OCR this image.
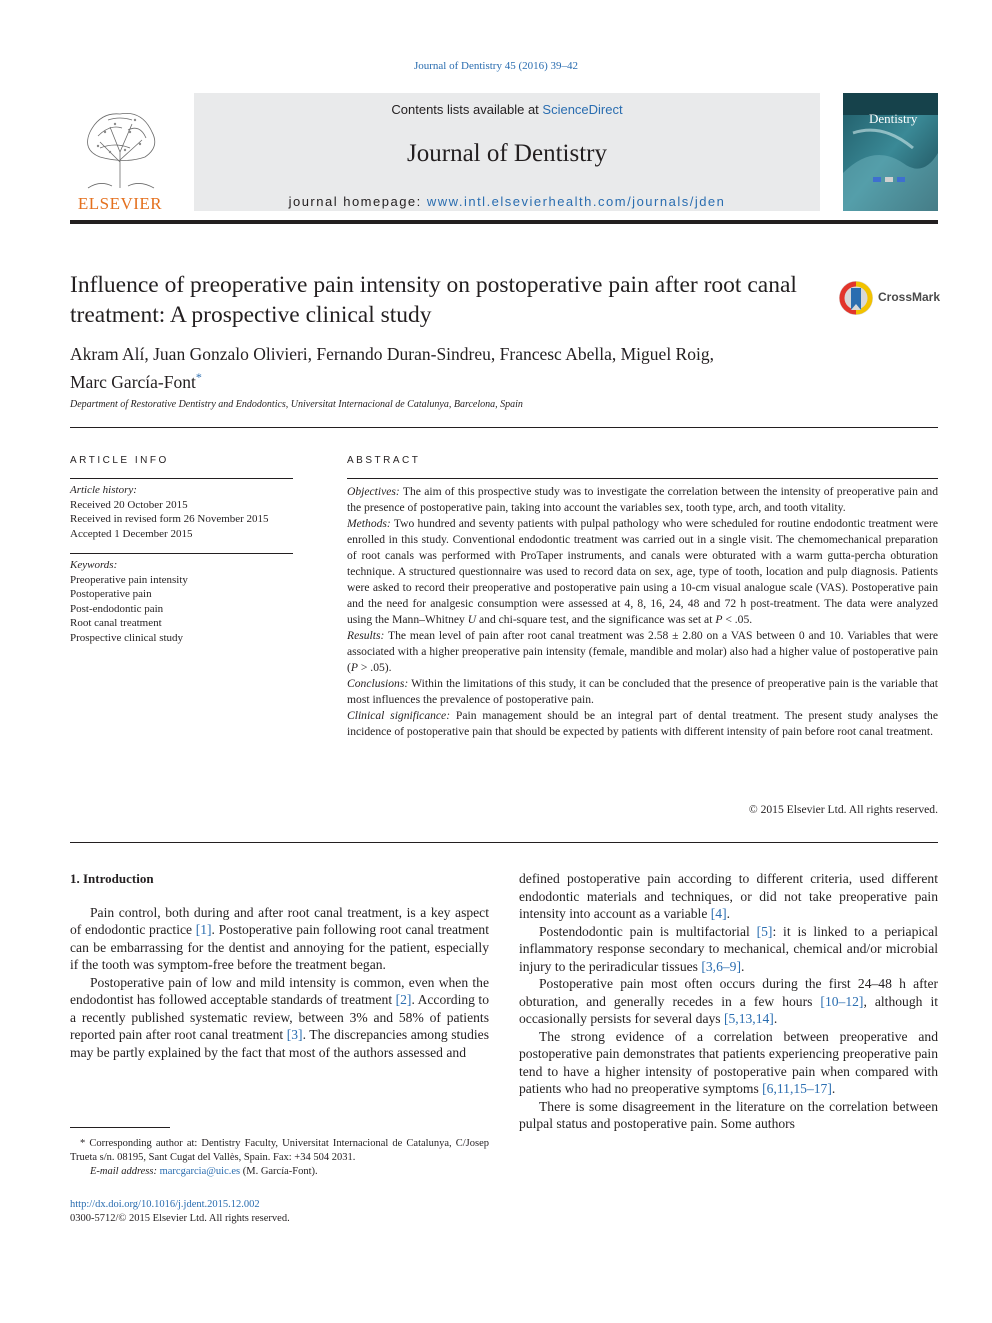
Journal of Dentistry 45 (2016) 39–42
ELSEVIER
Contents lists available at ScienceDirect
Journal of Dentistry
journal homepage: www.intl.elsevierhealth.com/journals/jden
Dentistry
Influence of preoperative pain intensity on postoperative pain after root canal treatment: A prospective clinical study
CrossMark
Akram Alí, Juan Gonzalo Olivieri, Fernando Duran-Sindreu, Francesc Abella, Miguel Roig,
Marc García-Font*
Department of Restorative Dentistry and Endodontics, Universitat Internacional de Catalunya, Barcelona, Spain
ARTICLE INFO
Article history:
Received 20 October 2015
Received in revised form 26 November 2015
Accepted 1 December 2015
Keywords:
Preoperative pain intensity
Postoperative pain
Post-endodontic pain
Root canal treatment
Prospective clinical study
ABSTRACT
Objectives: The aim of this prospective study was to investigate the correlation between the intensity of preoperative pain and the presence of postoperative pain, taking into account the variables sex, tooth type, arch, and tooth vitality.
Methods: Two hundred and seventy patients with pulpal pathology who were scheduled for routine endodontic treatment were enrolled in this study. Conventional endodontic treatment was carried out in a single visit. The chemomechanical preparation of root canals was performed with ProTaper instruments, and canals were obturated with a warm gutta-percha obturation technique. A structured questionnaire was used to record data on sex, age, type of tooth, location and pulp diagnosis. Patients were asked to record their preoperative and postoperative pain using a 10-cm visual analogue scale (VAS). Postoperative pain and the need for analgesic consumption were assessed at 4, 8, 16, 24, 48 and 72 h post-treatment. The data were analyzed using the Mann–Whitney U and chi-square test, and the significance was set at P < .05.
Results: The mean level of pain after root canal treatment was 2.58 ± 2.80 on a VAS between 0 and 10. Variables that were associated with a higher preoperative pain intensity (female, mandible and molar) also had a higher value of postoperative pain (P > .05).
Conclusions: Within the limitations of this study, it can be concluded that the presence of preoperative pain is the variable that most influences the prevalence of postoperative pain.
Clinical significance: Pain management should be an integral part of dental treatment. The present study analyses the incidence of postoperative pain that should be expected by patients with different intensity of pain before root canal treatment.
© 2015 Elsevier Ltd. All rights reserved.
1. Introduction

Pain control, both during and after root canal treatment, is a key aspect of endodontic practice [1]. Postoperative pain following root canal treatment can be embarrassing for the dentist and annoying for the patient, especially if the tooth was symptom-free before the treatment began.

Postoperative pain of low and mild intensity is common, even when the endodontist has followed acceptable standards of treatment [2]. According to a recently published systematic review, between 3% and 58% of patients reported pain after root canal treatment [3]. The discrepancies among studies may be partly explained by the fact that most of the authors assessed and

defined postoperative pain according to different criteria, used different endodontic materials and techniques, or did not take preoperative pain intensity into account as a variable [4].

Postendodontic pain is multifactorial [5]: it is linked to a periapical inflammatory response secondary to mechanical, chemical and/or microbial injury to the periradicular tissues [3,6–9].

Postoperative pain most often occurs during the first 24–48 h after obturation, and generally recedes in a few hours [10–12], although it occasionally persists for several days [5,13,14].

The strong evidence of a correlation between preoperative and postoperative pain demonstrates that patients experiencing preoperative pain tend to have a higher intensity of postoperative pain when compared with patients who had no preoperative symptoms [6,11,15–17].

There is some disagreement in the literature on the correlation between pulpal status and postoperative pain. Some authors

* Corresponding author at: Dentistry Faculty, Universitat Internacional de Catalunya, C/Josep Trueta s/n. 08195, Sant Cugat del Vallès, Spain. Fax: +34 504 2031.
E-mail address: marcgarcia@uic.es (M. García-Font).
http://dx.doi.org/10.1016/j.jdent.2015.12.002
0300-5712/© 2015 Elsevier Ltd. All rights reserved.
